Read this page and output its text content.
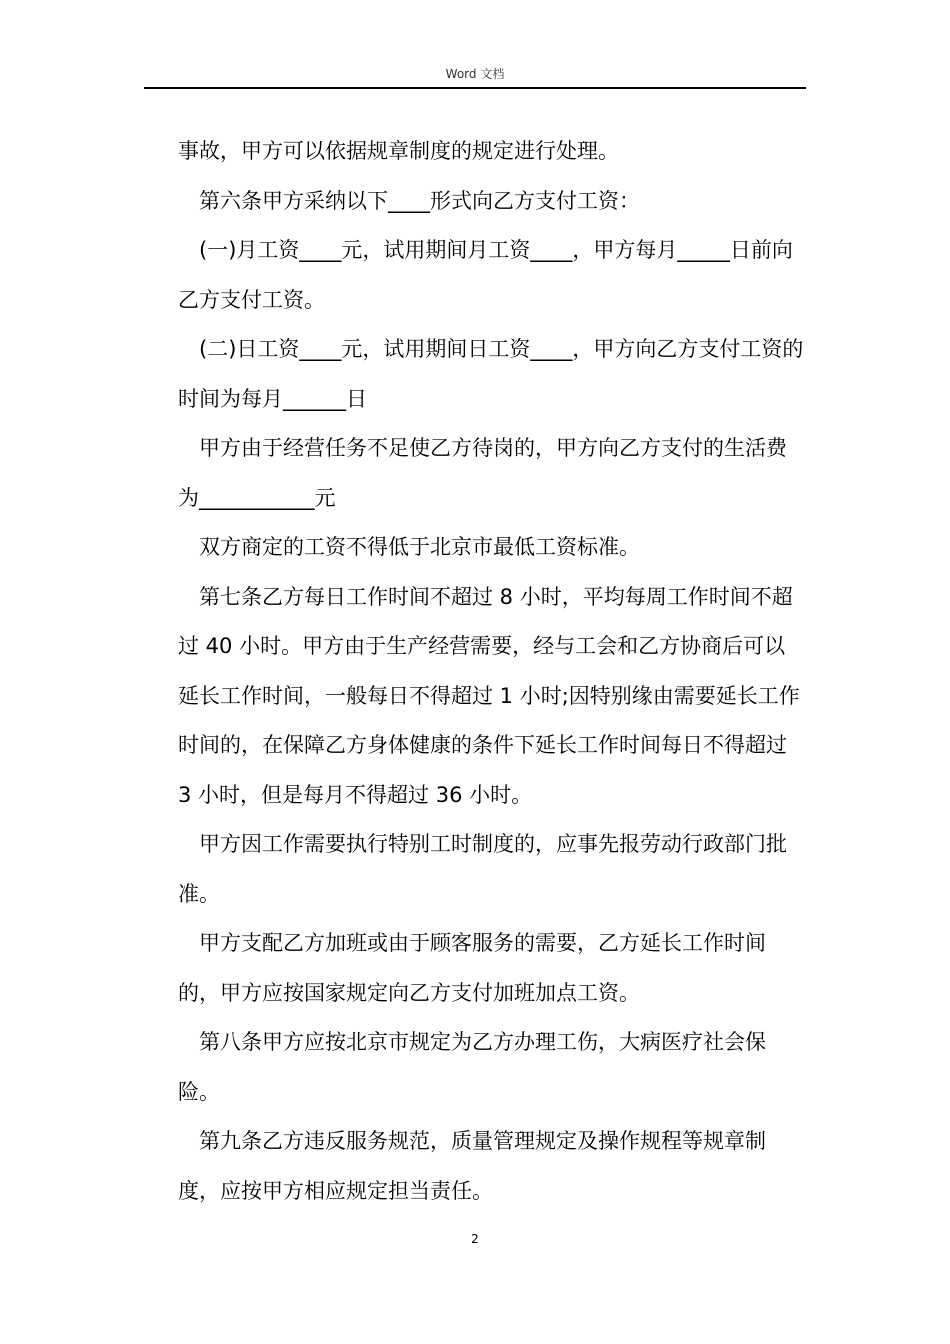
Word 文档

事故，甲方可以依据规章制度的规定进行处理。

第六条甲方采纳以下____形式向乙方支付工资：

(一)月工资____元，试用期间月工资____，甲方每月_____日前向乙方支付工资。

(二)日工资____元，试用期间日工资____，甲方向乙方支付工资的时间为每月______日

甲方由于经营任务不足使乙方待岗的，甲方向乙方支付的生活费为___________元

双方商定的工资不得低于北京市最低工资标准。

第七条乙方每日工作时间不超过 8 小时，平均每周工作时间不超过 40 小时。甲方由于生产经营需要，经与工会和乙方协商后可以延长工作时间，一般每日不得超过 1 小时;因特别缘由需要延长工作时间的，在保障乙方身体健康的条件下延长工作时间每日不得超过 3 小时，但是每月不得超过 36 小时。

甲方因工作需要执行特别工时制度的，应事先报劳动行政部门批准。

甲方支配乙方加班或由于顾客服务的需要，乙方延长工作时间的，甲方应按国家规定向乙方支付加班加点工资。

第八条甲方应按北京市规定为乙方办理工伤，大病医疗社会保险。

第九条乙方违反服务规范，质量管理规定及操作规程等规章制度，应按甲方相应规定担当责任。

2
